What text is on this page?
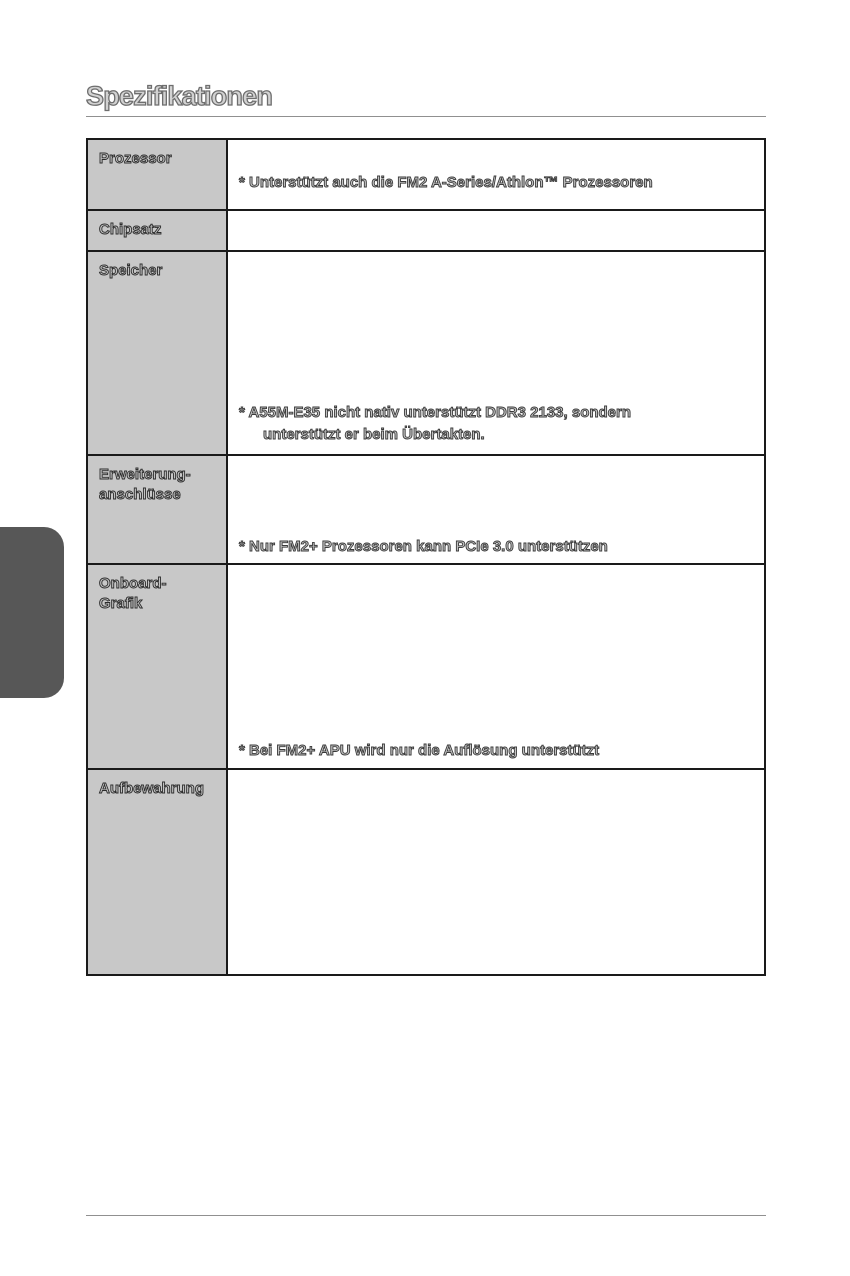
Spezifikationen
Prozessor
* Unterstützt auch die FM2 A-Series/Athlon™ Prozessoren
Chipsatz
Speicher
* A55M-E35 nicht nativ unterstützt DDR3 2133, sondern
unterstützt er beim Übertakten.
Erweiterung-
anschlüsse
* Nur FM2+ Prozessoren kann PCIe 3.0 unterstützen
Onboard-
Grafik
* Bei FM2+ APU wird nur die Auflösung unterstützt
Aufbewahrung
